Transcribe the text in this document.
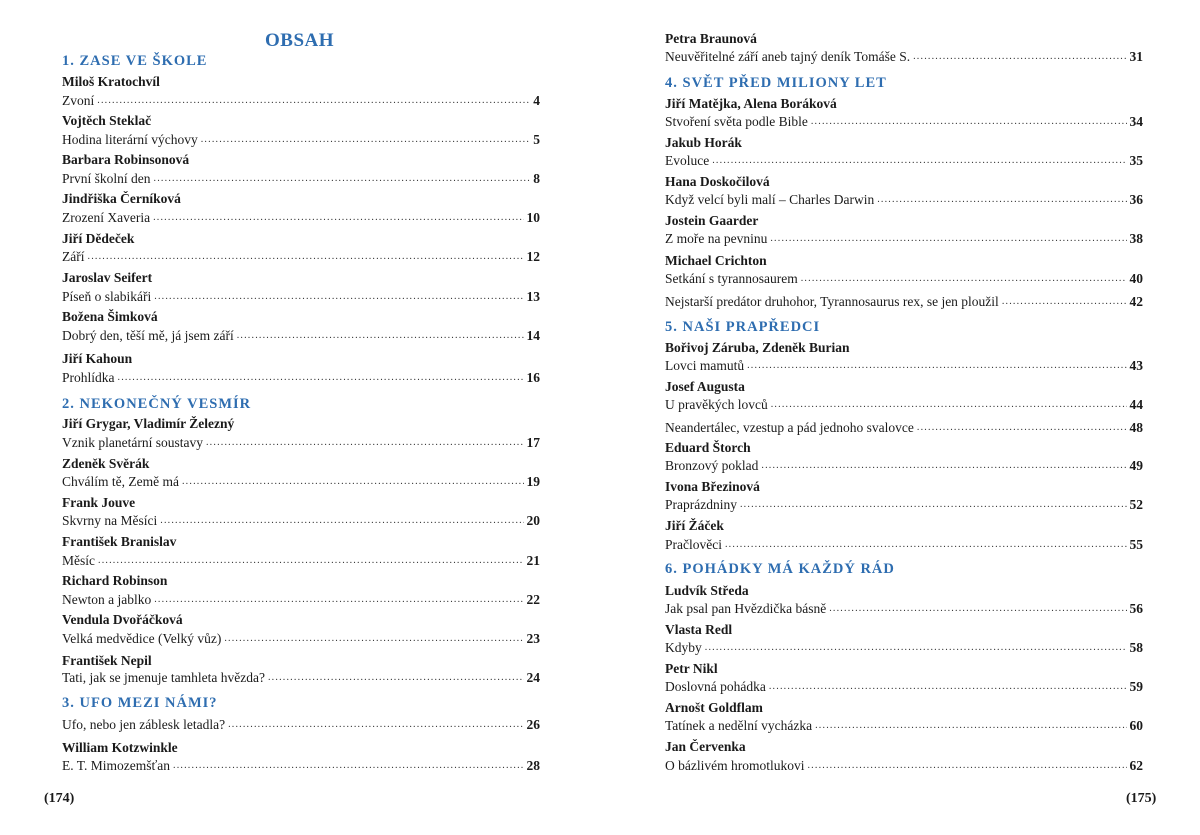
OBSAH
1. ZASE VE ŠKOLE
Miloš Kratochvíl
Zvoní .....	4
Vojtěch Steklač
Hodina literární výchovy .....	5
Barbara Robinsonová
První školní den .....	8
Jindřiška Černíková
Zrození Xaveria .....	10
Jiří Dědeček
Září .....	12
Jaroslav Seifert
Píseň o slabikáři .....	13
Božena Šimková
Dobrý den, těší mě, já jsem září .....	14
Jiří Kahoun
Prohlídka .....	16
2. NEKONEČNÝ VESMÍR
Jiří Grygar, Vladimír Železný
Vznik planetární soustavy .....	17
Zdeněk Svěrák
Chválím tě, Země má .....	19
Frank Jouve
Skvrny na Měsíci .....	20
František Branislav
Měsíc .....	21
Richard Robinson
Newton a jablko .....	22
Vendula Dvořáčková
Velká medvědice (Velký vůz) .....	23
František Nepil
Tati, jak se jmenuje tamhleta hvězda? .....	24
3. UFO MEZI NÁMI?
Ufo, nebo jen záblesk letadla? .....	26
William Kotzwinkle
E. T. Mimozemšťan .....	28
Petra Braunová
Neuvěřitelné září aneb tajný deník Tomáše S. .....	31
4. SVĚT PŘED MILIONY LET
Jiří Matějka, Alena Boráková
Stvoření světa podle Bible .....	34
Jakub Horák
Evoluce .....	35
Hana Doskočilová
Když velcí byli malí – Charles Darwin .....	36
Jostein Gaarder
Z moře na pevninu .....	38
Michael Crichton
Setkání s tyrannosaurem .....	40
Nejstarší predátor druhohor, Tyrannosaurus rex, se jen ploužil .....	42
5. NAŠI PRAPŘEDCI
Bořivoj Záruba, Zdeněk Burian
Lovci mamutů .....	43
Josef Augusta
U pravěkých lovců .....	44
Neandertálec, vzestup a pád jednoho svalovce .....	48
Eduard Štorch
Bronzový poklad .....	49
Ivona Březinová
Praprázdniny .....	52
Jiří Žáček
Pračlověci .....	55
6. POHÁDKY MÁ KAŽDÝ RÁD
Ludvík Středa
Jak psal pan Hvězdička básně .....	56
Vlasta Redl
Kdyby .....	58
Petr Nikl
Doslovná pohádka .....	59
Arnošt Goldflam
Tatínek a nedělní vycházka .....	60
Jan Červenka
O bázlivém hromotlukovi .....	62
(174)	(175)
